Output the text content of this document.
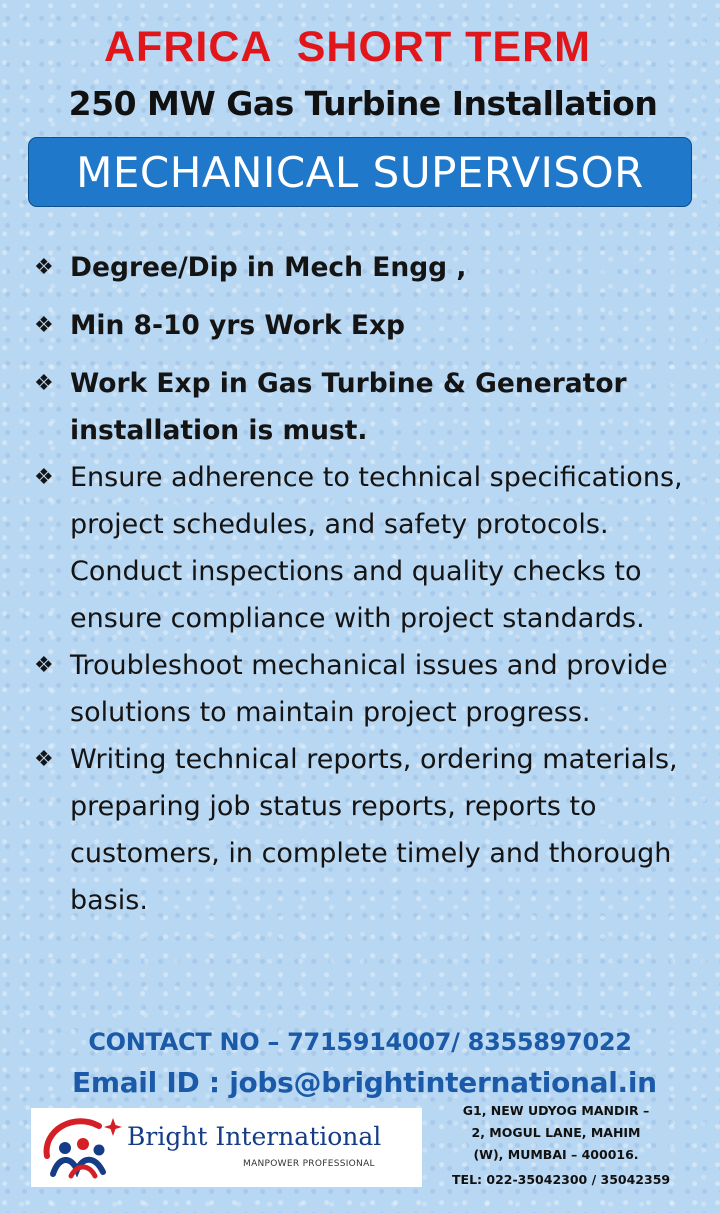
AFRICA  SHORT TERM
250 MW Gas Turbine Installation
MECHANICAL SUPERVISOR
❖ Degree/Dip in Mech Engg ,
❖ Min 8-10 yrs Work Exp
❖ Work Exp in Gas Turbine & Generator installation is must.
❖ Ensure adherence to technical specifications, project schedules, and safety protocols. Conduct inspections and quality checks to ensure compliance with project standards.
❖ Troubleshoot mechanical issues and provide solutions to maintain project progress.
❖ Writing technical reports, ordering materials, preparing job status reports, reports to customers, in complete timely and thorough basis.
CONTACT NO – 7715914007/ 8355897022
Email ID : jobs@brightinternational.in
Bright International
MANPOWER PROFESSIONAL
G1, NEW UDYOG MANDIR –
2, MOGUL LANE, MAHIM
(W), MUMBAI – 400016.
TEL: 022-35042300 / 35042359
